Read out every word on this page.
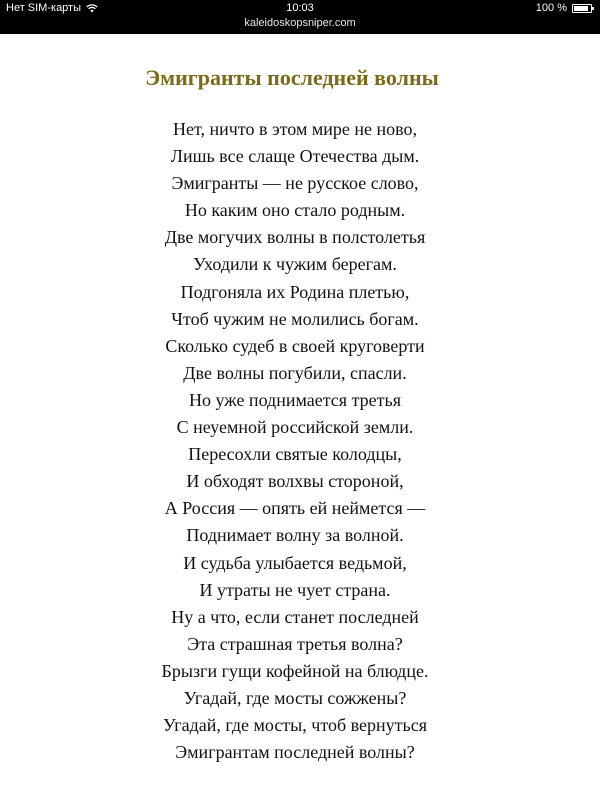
Нет SIM-карты	10:03	100 %
kaleidoskopsniper.com
Эмигранты последней волны
Нет, ничто в этом мире не ново,
Лишь все слаще Отечества дым.
Эмигранты — не русское слово,
Но каким оно стало родным.
Две могучих волны в полстолетья
Уходили к чужим берегам.
Подгоняла их Родина плетью,
Чтоб чужим не молились богам.
Сколько судеб в своей круговерти
Две волны погубили, спасли.
Но уже поднимается третья
С неуемной российской земли.
Пересохли святые колодцы,
И обходят волхвы стороной,
А Россия — опять ей неймется —
Поднимает волну за волной.
И судьба улыбается ведьмой,
И утраты не чует страна.
Ну а что, если станет последней
Эта страшная третья волна?
Брызги гущи кофейной на блюдце.
Угадай, где мосты сожжены?
Угадай, где мосты, чтоб вернуться
Эмигрантам последней волны?
